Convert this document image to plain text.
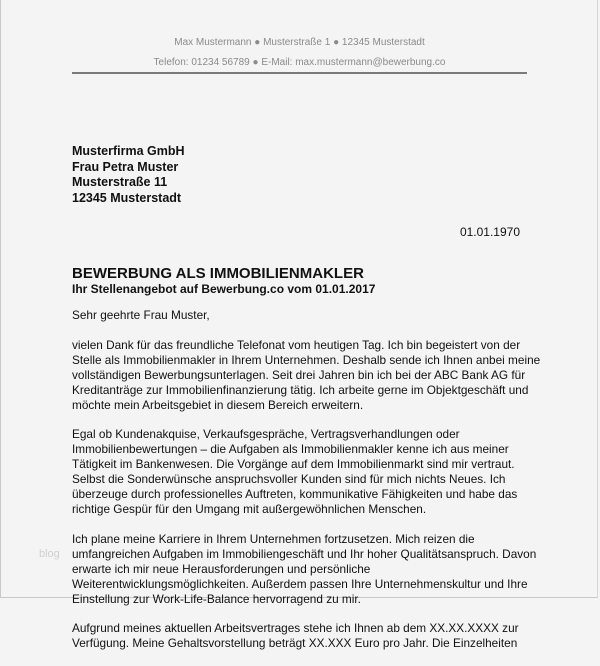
Max Mustermann ● Musterstraße 1 ● 12345 Musterstadt
Telefon: 01234 56789 ● E-Mail: max.mustermann@bewerbung.co
Musterfirma GmbH
Frau Petra Muster
Musterstraße 11
12345 Musterstadt
01.01.1970
BEWERBUNG ALS IMMOBILIENMAKLER
Ihr Stellenangebot auf Bewerbung.co vom 01.01.2017

Sehr geehrte Frau Muster,

vielen Dank für das freundliche Telefonat vom heutigen Tag. Ich bin begeistert von der Stelle als Immobilienmakler in Ihrem Unternehmen. Deshalb sende ich Ihnen anbei meine vollständigen Bewerbungsunterlagen. Seit drei Jahren bin ich bei der ABC Bank AG für Kreditanträge zur Immobilienfinanzierung tätig. Ich arbeite gerne im Objektgeschäft und möchte mein Arbeitsgebiet in diesem Bereich erweitern.

Egal ob Kundenakquise, Verkaufsgespräche, Vertragsverhandlungen oder Immobilienbewertungen – die Aufgaben als Immobilienmakler kenne ich aus meiner Tätigkeit im Bankenwesen. Die Vorgänge auf dem Immobilienmarkt sind mir vertraut. Selbst die Sonderwünsche anspruchsvoller Kunden sind für mich nichts Neues. Ich überzeuge durch professionelles Auftreten, kommunikative Fähigkeiten und habe das richtige Gespür für den Umgang mit außergewöhnlichen Menschen.

Ich plane meine Karriere in Ihrem Unternehmen fortzusetzen. Mich reizen die umfangreichen Aufgaben im Immobiliengeschäft und Ihr hoher Qualitätsanspruch. Davon erwarte ich mir neue Herausforderungen und persönliche Weiterentwicklungsmöglichkeiten. Außerdem passen Ihre Unternehmenskultur und Ihre Einstellung zur Work-Life-Balance hervorragend zu mir.

Aufgrund meines aktuellen Arbeitsvertrages stehe ich Ihnen ab dem XX.XX.XXXX zur Verfügung. Meine Gehaltsvorstellung beträgt XX.XXX Euro pro Jahr. Die Einzelheiten

blog
